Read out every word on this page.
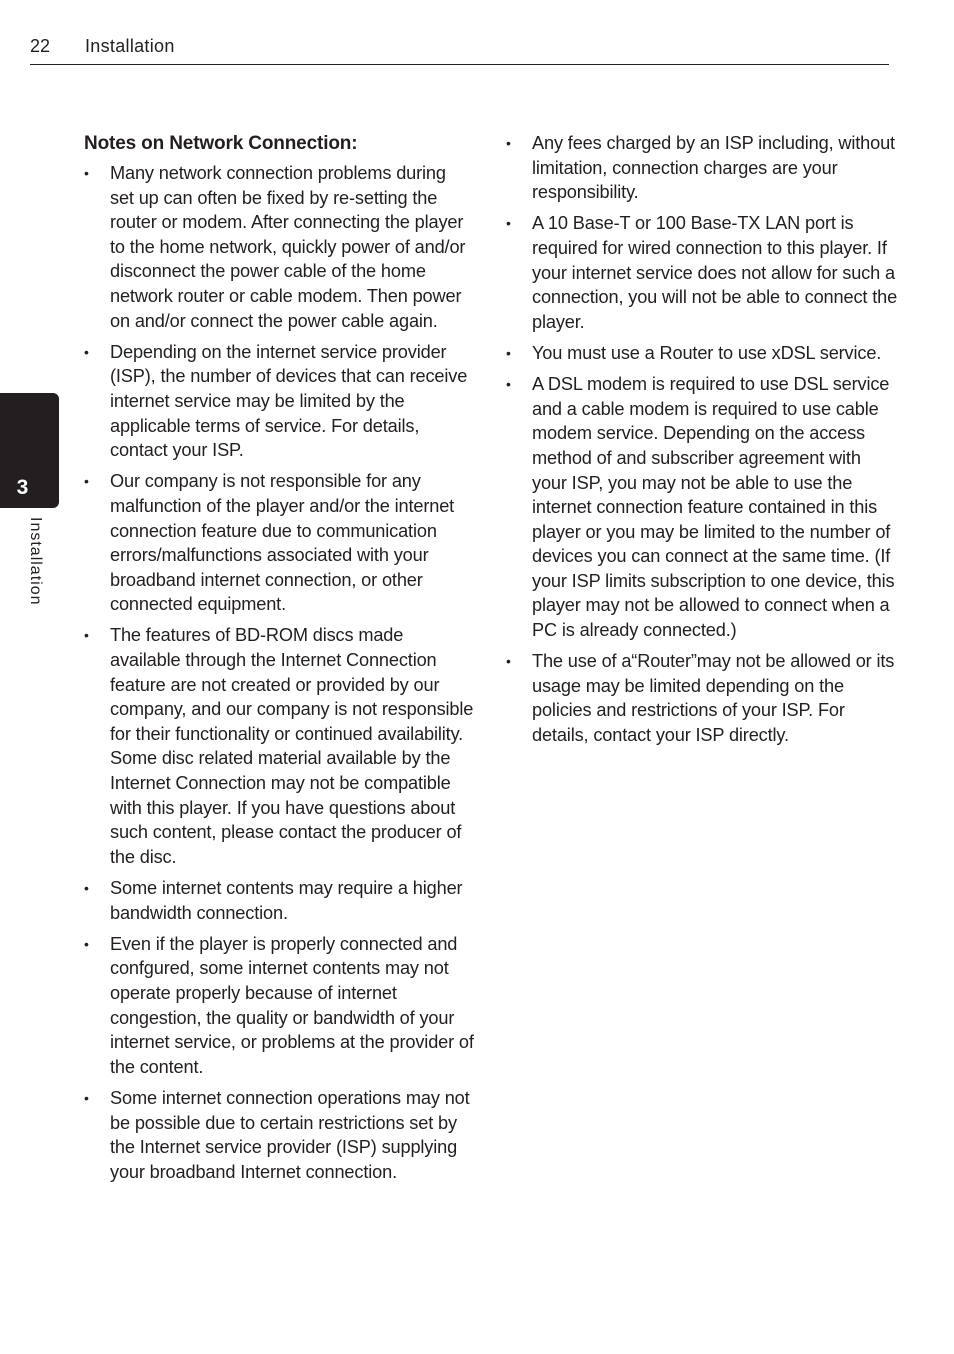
22 Installation
3
Installation
Notes on Network Connection:
• Many network connection problems during set up can often be fixed by re-setting the router or modem. After connecting the player to the home network, quickly power of and/or disconnect the power cable of the home network router or cable modem. Then power on and/or connect the power cable again.
• Depending on the internet service provider (ISP), the number of devices that can receive internet service may be limited by the applicable terms of service. For details, contact your ISP.
• Our company is not responsible for any malfunction of the player and/or the internet connection feature due to communication errors/malfunctions associated with your broadband internet connection, or other connected equipment.
• The features of BD-ROM discs made available through the Internet Connection feature are not created or provided by our company, and our company is not responsible for their functionality or continued availability. Some disc related material available by the Internet Connection may not be compatible with this player. If you have questions about such content, please contact the producer of the disc.
• Some internet contents may require a higher bandwidth connection.
• Even if the player is properly connected and confgured, some internet contents may not operate properly because of internet congestion, the quality or bandwidth of your internet service, or problems at the provider of the content.
• Some internet connection operations may not be possible due to certain restrictions set by the Internet service provider (ISP) supplying your broadband Internet connection.
• Any fees charged by an ISP including, without limitation, connection charges are your responsibility.
• A 10 Base-T or 100 Base-TX LAN port is required for wired connection to this player. If your internet service does not allow for such a connection, you will not be able to connect the player.
• You must use a Router to use xDSL service.
• A DSL modem is required to use DSL service and a cable modem is required to use cable modem service. Depending on the access method of and subscriber agreement with your ISP, you may not be able to use the internet connection feature contained in this player or you may be limited to the number of devices you can connect at the same time. (If your ISP limits subscription to one device, this player may not be allowed to connect when a PC is already connected.)
• The use of a“Router”may not be allowed or its usage may be limited depending on the policies and restrictions of your ISP. For details, contact your ISP directly.
